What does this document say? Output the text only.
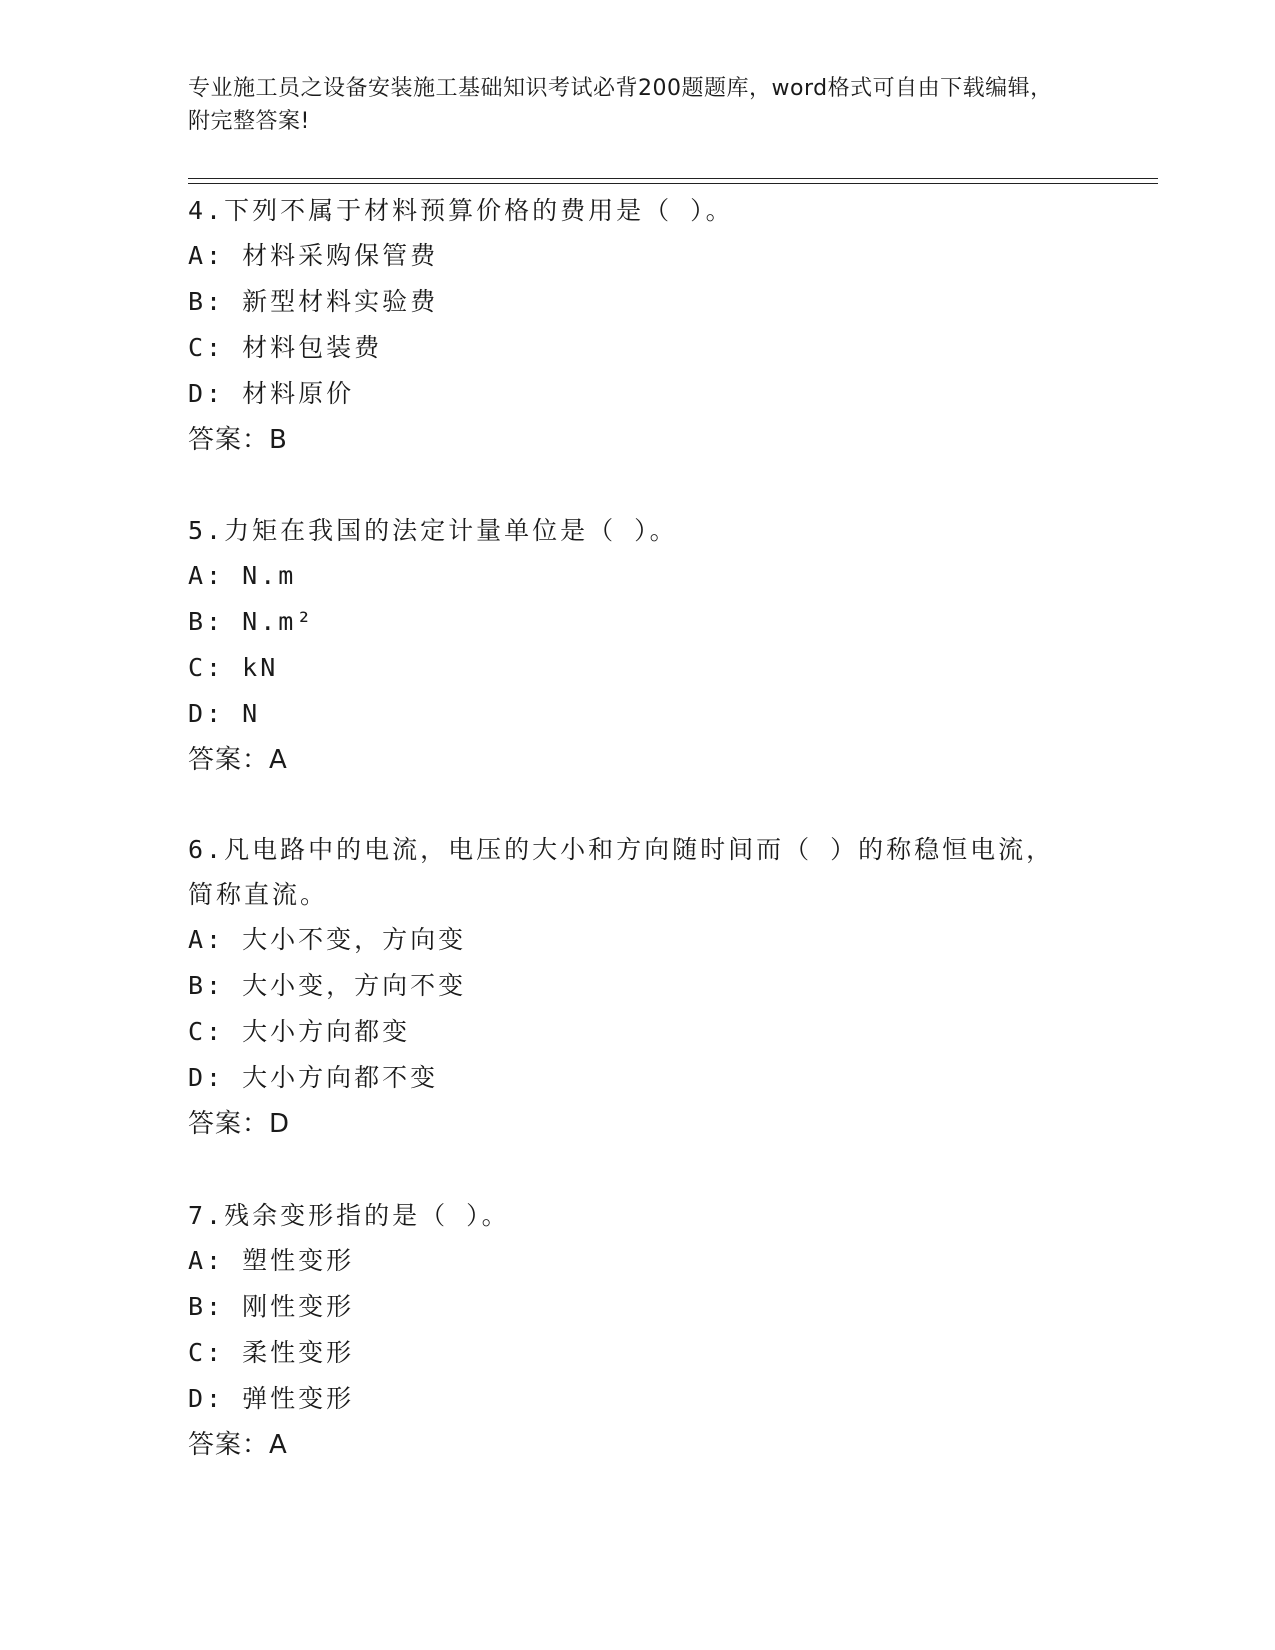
专业施工员之设备安装施工基础知识考试必背200题题库，word格式可自由下载编辑，附完整答案!

4.下列不属于材料预算价格的费用是（ ）。

A: 材料采购保管费

B: 新型材料实验费

C: 材料包装费

D: 材料原价

答案：B

5.力矩在我国的法定计量单位是（ ）。

A: N.m

B: N.m²

C: kN

D: N

答案：A

6.凡电路中的电流，电压的大小和方向随时间而（ ）的称稳恒电流，简称直流。

A: 大小不变，方向变

B: 大小变，方向不变

C: 大小方向都变

D: 大小方向都不变

答案：D

7.残余变形指的是（ ）。

A: 塑性变形

B: 刚性变形

C: 柔性变形

D: 弹性变形

答案：A
